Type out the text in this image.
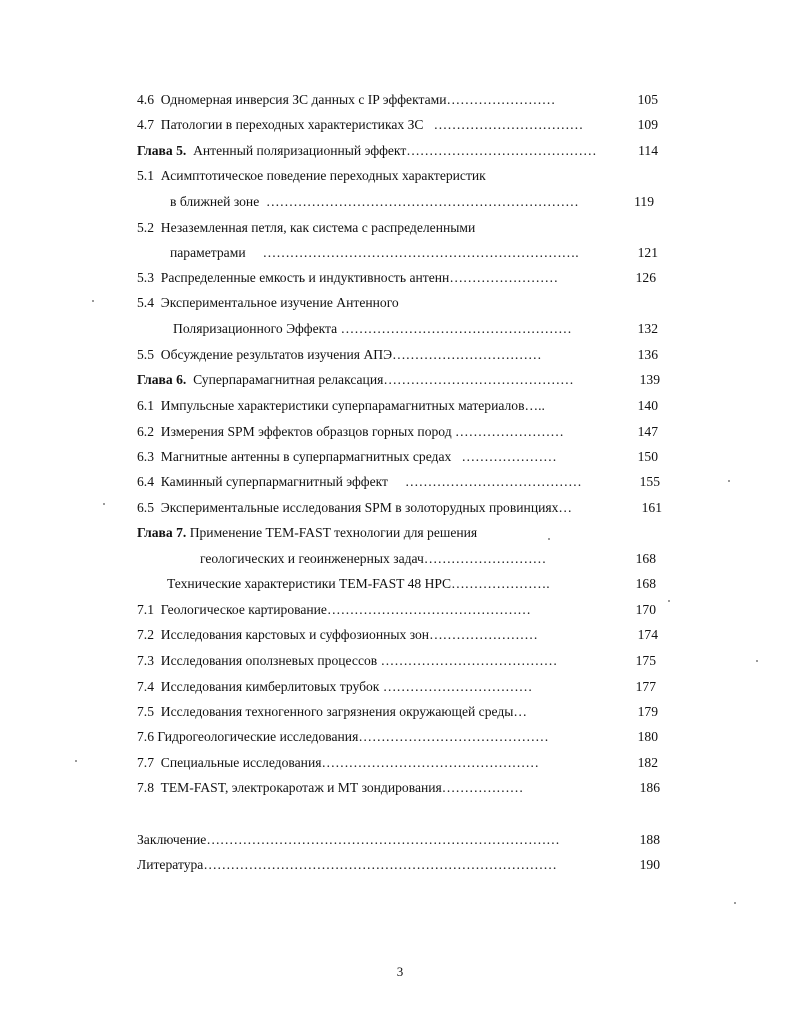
4.6 Одномерная инверсия ЗС данных с IP эффектами……………………	105
4.7 Патологии в переходных характеристиках ЗС ……………………………	109
Глава 5. Антенный поляризационный эффект……………………………………	114
5.1 Асимптотическое поведение переходных характеристик
в ближней зоне ……………………………………………………………	119
5.2 Незаземленная петля, как система с распределенными
параметрами …………………………………………………………….	121
5.3 Распределенные емкость и индуктивность антенн……………………	126
5.4 Экспериментальное изучение Антенного
Поляризационного Эффекта ……………………………………………	132
5.5 Обсуждение результатов изучения АПЭ……………………………	136
Глава 6. Суперпарамагнитная релаксация……………………………………	139
6.1 Импульсные характеристики суперпарамагнитных материалов…..	140
6.2 Измерения SPM эффектов образцов горных пород ……………………	147
6.3 Магнитные антенны в суперпармагнитных средах …………………	150
6.4 Каминный суперпармагнитный эффект …………………………………	155
6.5 Экспериментальные исследования SPM в золоторудных провинциях…	161
Глава 7. Применение TEM-FAST технологии для решения
геологических и геоинженерных задач………………………	168
Технические характеристики TEM-FAST 48 HPC………………….	168
7.1 Геологическое картирование………………………………………	170
7.2 Исследования карстовых и суффозионных зон……………………	174
7.3 Исследования оползневых процессов …………………………………	175
7.4 Исследования кимберлитовых трубок ……………………………	177
7.5 Исследования техногенного загрязнения окружающей среды…	179
7.6 Гидрогеологические исследования……………………………………	180
7.7 Специальные исследования…………………………………………	182
7.8 TEM-FAST, электрокаротаж и МТ зондирования………………	186
Заключение……………………………………………………………………	188
Литература……………………………………………………………………	190
3
